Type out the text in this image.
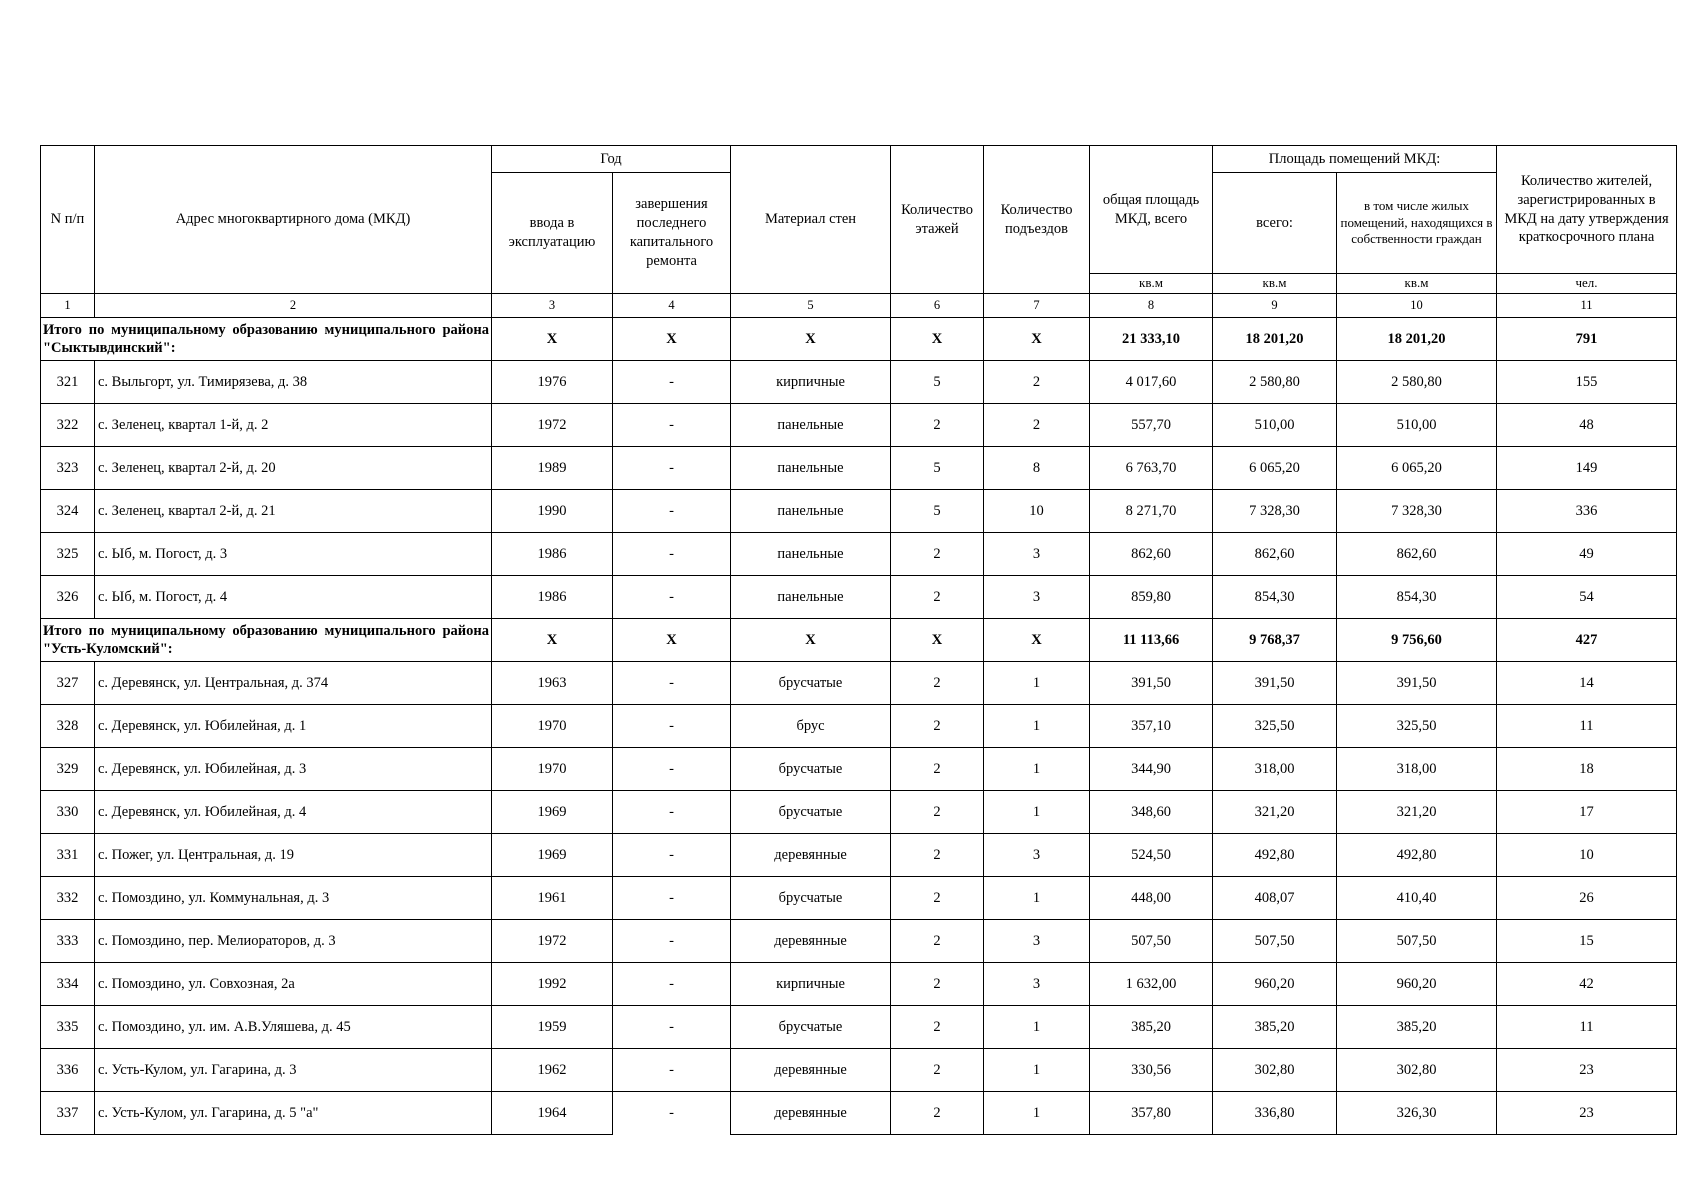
N п/п	Адрес многоквартирного дома (МКД)	Год		Материал стен	Количество этажей	Количество подъездов	общая площадь МКД, всего	Площадь помещений МКД:		Количество жителей, зарегистрированных в МКД на дату утверждения краткосрочного плана
		ввода в эксплуатацию	завершения последнего капитального ремонта					всего:	в том числе жилых помещений, находящихся в собственности граждан	
							кв.м	кв.м	кв.м	чел.
1	2	3	4	5	6	7	8	9	10	11
Итого по муниципальному образованию муниципального района "Сыктывдинский":		X	X	X	X	X	21 333,10	18 201,20	18 201,20	791
321	с. Выльгорт, ул. Тимирязева, д. 38	1976	-	кирпичные	5	2	4 017,60	2 580,80	2 580,80	155
322	с. Зеленец, квартал 1-й, д. 2	1972	-	панельные	2	2	557,70	510,00	510,00	48
323	с. Зеленец, квартал 2-й, д. 20	1989	-	панельные	5	8	6 763,70	6 065,20	6 065,20	149
324	с. Зеленец, квартал 2-й, д. 21	1990	-	панельные	5	10	8 271,70	7 328,30	7 328,30	336
325	с. Ыб, м. Погост, д. 3	1986	-	панельные	2	3	862,60	862,60	862,60	49
326	с. Ыб, м. Погост, д. 4	1986	-	панельные	2	3	859,80	854,30	854,30	54
Итого по муниципальному образованию муниципального района "Усть-Куломский":		X	X	X	X	X	11 113,66	9 768,37	9 756,60	427
327	с. Деревянск, ул. Центральная, д. 374	1963	-	брусчатые	2	1	391,50	391,50	391,50	14
328	с. Деревянск, ул. Юбилейная, д. 1	1970	-	брус	2	1	357,10	325,50	325,50	11
329	с. Деревянск, ул. Юбилейная, д. 3	1970	-	брусчатые	2	1	344,90	318,00	318,00	18
330	с. Деревянск, ул. Юбилейная, д. 4	1969	-	брусчатые	2	1	348,60	321,20	321,20	17
331	с. Пожег, ул. Центральная, д. 19	1969	-	деревянные	2	3	524,50	492,80	492,80	10
332	с. Помоздино, ул. Коммунальная, д. 3	1961	-	брусчатые	2	1	448,00	408,07	410,40	26
333	с. Помоздино, пер. Мелиораторов, д. 3	1972	-	деревянные	2	3	507,50	507,50	507,50	15
334	с. Помоздино, ул. Совхозная, 2а	1992	-	кирпичные	2	3	1 632,00	960,20	960,20	42
335	с. Помоздино, ул. им. А.В.Уляшева, д. 45	1959	-	брусчатые	2	1	385,20	385,20	385,20	11
336	с. Усть-Кулом, ул. Гагарина, д. 3	1962	-	деревянные	2	1	330,56	302,80	302,80	23
337	с. Усть-Кулом, ул. Гагарина, д. 5 "а"	1964	-	деревянные	2	1	357,80	336,80	326,30	23
